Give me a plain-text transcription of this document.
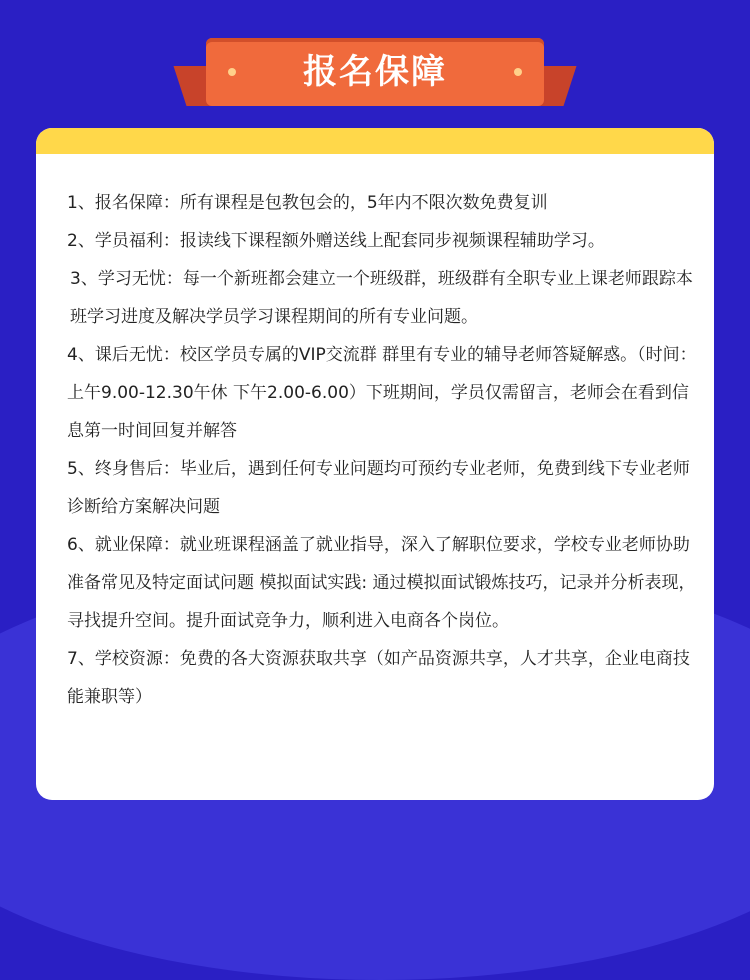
报名保障

1、报名保障：所有课程是包教包会的，5年内不限次数免费复训

2、学员福利：报读线下课程额外赠送线上配套同步视频课程辅助学习。

3、学习无忧：每一个新班都会建立一个班级群，班级群有全职专业上课老师跟踪本班学习进度及解决学员学习课程期间的所有专业问题。

4、课后无忧：校区学员专属的VIP交流群 群里有专业的辅导老师答疑解惑。（时间：上午9.00-12.30午休 下午2.00-6.00）下班期间，学员仅需留言，老师会在看到信息第一时间回复并解答

5、终身售后：毕业后，遇到任何专业问题均可预约专业老师，免费到线下专业老师诊断给方案解决问题

6、就业保障：就业班课程涵盖了就业指导，深入了解职位要求，学校专业老师协助准备常见及特定面试问题 模拟面试实践: 通过模拟面试锻炼技巧，记录并分析表现，寻找提升空间。提升面试竞争力，顺利进入电商各个岗位。

7、学校资源：免费的各大资源获取共享（如产品资源共享，人才共享，企业电商技能兼职等）
